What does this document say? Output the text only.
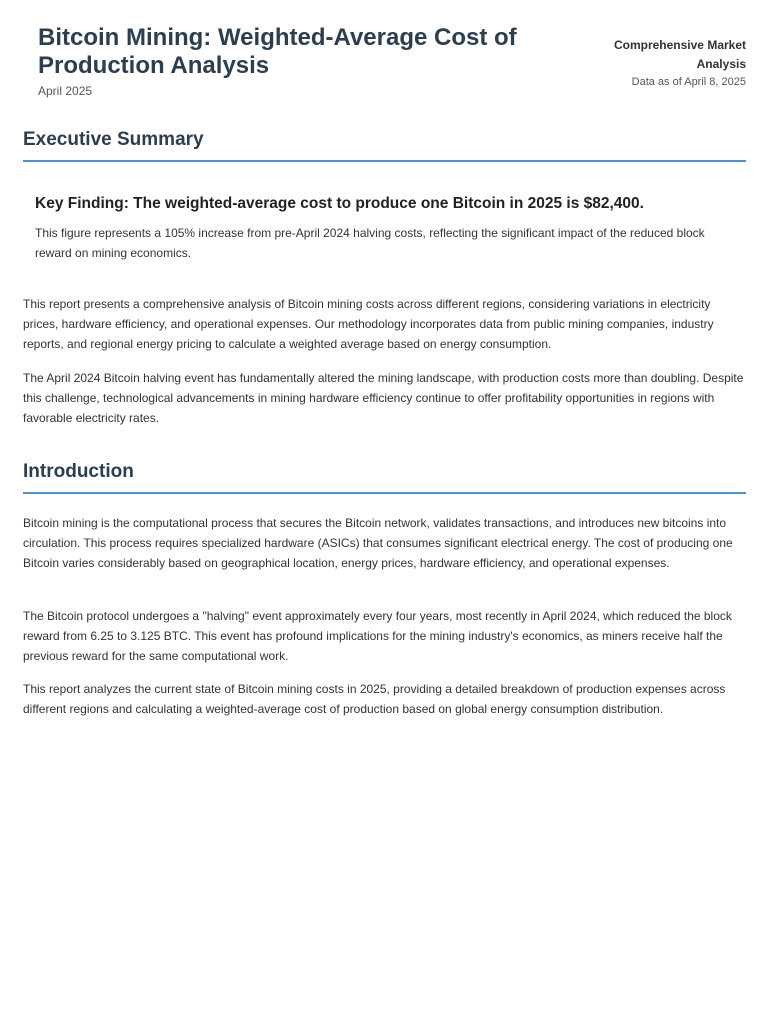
Bitcoin Mining: Weighted-Average Cost of Production Analysis
April 2025
Comprehensive Market Analysis
Data as of April 8, 2025
Executive Summary
Key Finding: The weighted-average cost to produce one Bitcoin in 2025 is $82,400.
This figure represents a 105% increase from pre-April 2024 halving costs, reflecting the significant impact of the reduced block reward on mining economics.

This report presents a comprehensive analysis of Bitcoin mining costs across different regions, considering variations in electricity prices, hardware efficiency, and operational expenses. Our methodology incorporates data from public mining companies, industry reports, and regional energy pricing to calculate a weighted average based on energy consumption.

The April 2024 Bitcoin halving event has fundamentally altered the mining landscape, with production costs more than doubling. Despite this challenge, technological advancements in mining hardware efficiency continue to offer profitability opportunities in regions with favorable electricity rates.

Introduction

Bitcoin mining is the computational process that secures the Bitcoin network, validates transactions, and introduces new bitcoins into circulation. This process requires specialized hardware (ASICs) that consumes significant electrical energy. The cost of producing one Bitcoin varies considerably based on geographical location, energy prices, hardware efficiency, and operational expenses.

The Bitcoin protocol undergoes a "halving" event approximately every four years, most recently in April 2024, which reduced the block reward from 6.25 to 3.125 BTC. This event has profound implications for the mining industry's economics, as miners receive half the previous reward for the same computational work.

This report analyzes the current state of Bitcoin mining costs in 2025, providing a detailed breakdown of production expenses across different regions and calculating a weighted-average cost of production based on global energy consumption distribution.
